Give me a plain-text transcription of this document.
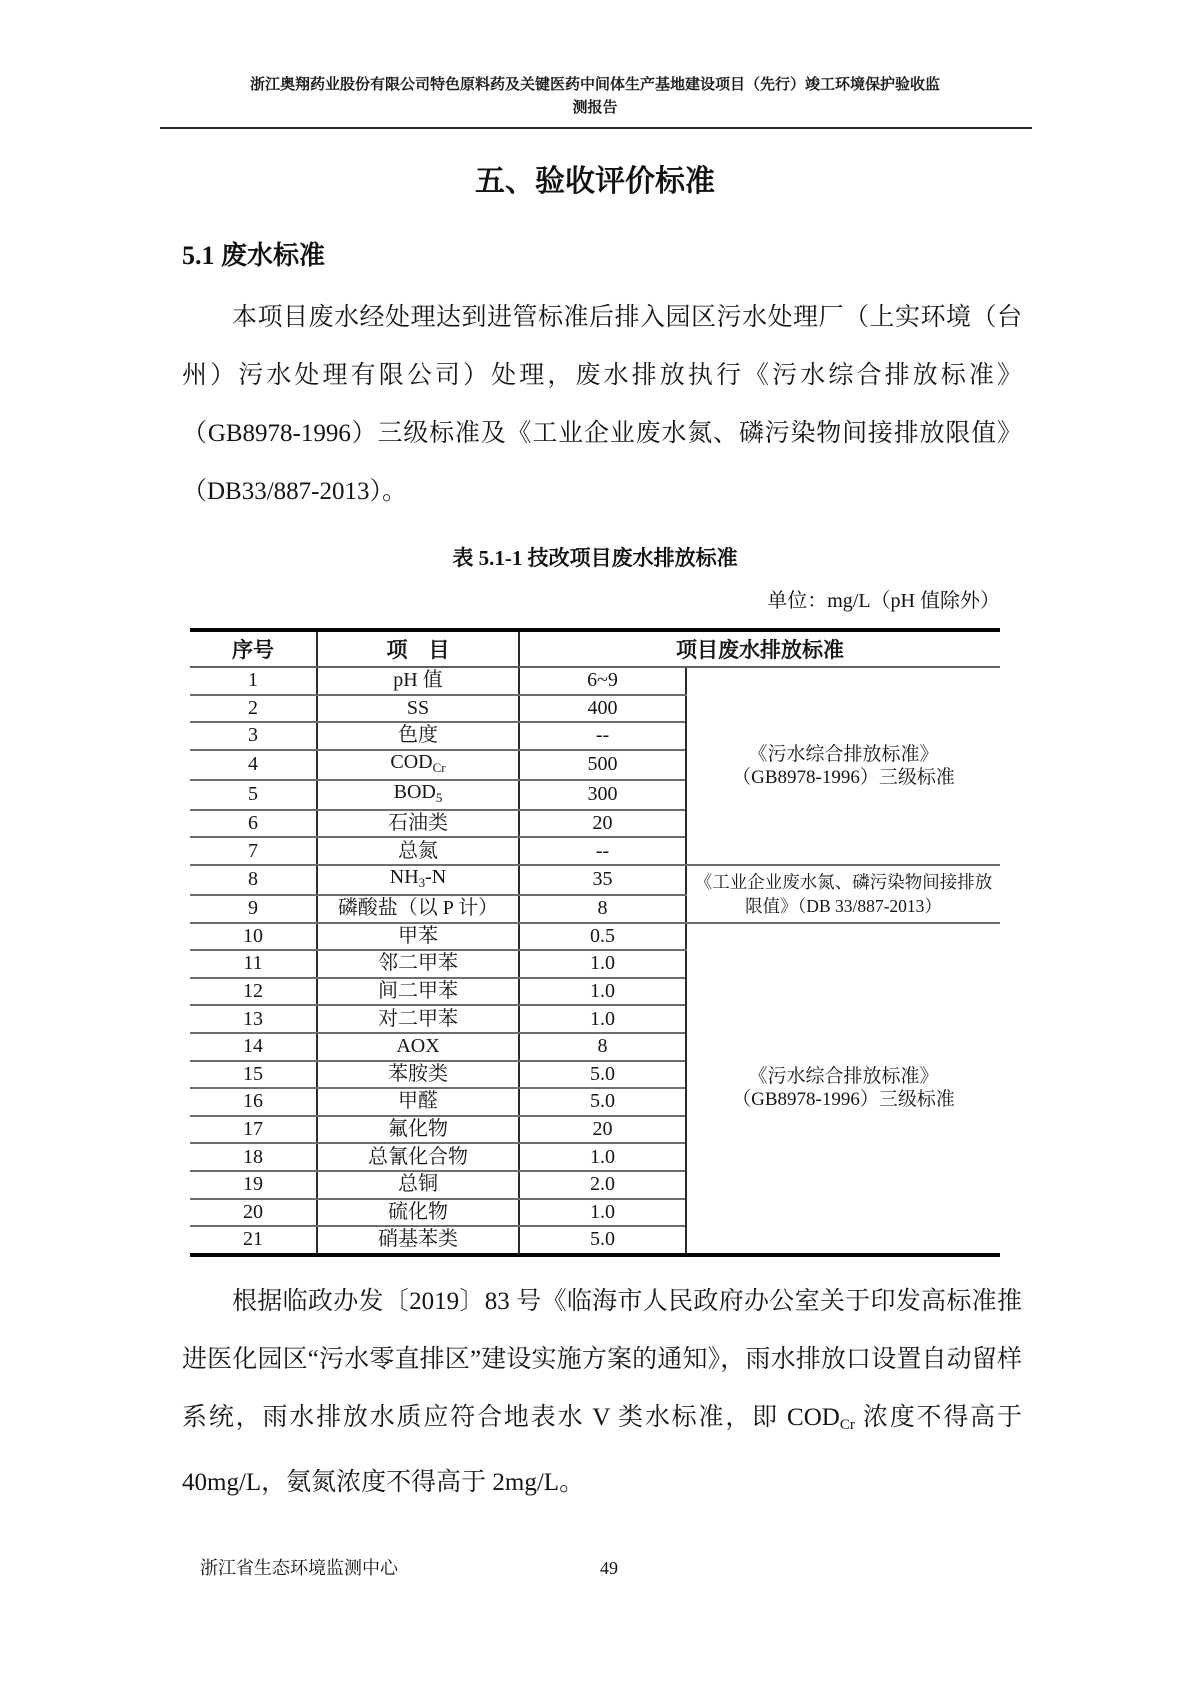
浙江奥翔药业股份有限公司特色原料药及关键医药中间体生产基地建设项目（先行）竣工环境保护验收监测报告
五、验收评价标准
5.1 废水标准

本项目废水经处理达到进管标准后排入园区污水处理厂（上实环境（台州）污水处理有限公司）处理，废水排放执行《污水综合排放标准》（GB8978-1996）三级标准及《工业企业废水氮、磷污染物间接排放限值》（DB33/887-2013）。

表 5.1-1 技改项目废水排放标准
单位：mg/L（pH 值除外）
序号	项　目	项目废水排放标准	
1	pH 值	6~9	《污水综合排放标准》
（GB8978-1996）三级标准

2	SS	400	
3	色度	--	
4	$COD_{Cr}$	500	
5	$BOD_5$	300	
6	石油类	20	
7	总氮	--	
8	$NH_3-N$	35	《工业企业废水氮、磷污染物间接排放
限值》（DB 33/887-2013）

9	磷酸盐（以 P 计）	8	
10	甲苯	0.5	《污水综合排放标准》
（GB8978-1996）三级标准

11	邻二甲苯	1.0	
12	间二甲苯	1.0	
13	对二甲苯	1.0	
14	AOX	8	
15	苯胺类	5.0	
16	甲醛	5.0	
17	氟化物	20	
18	总氰化合物	1.0	
19	总铜	2.0	
20	硫化物	1.0	
21	硝基苯类	5.0	

根据临政办发〔2019〕83 号《临海市人民政府办公室关于印发高标准推进医化园区“污水零直排区”建设实施方案的通知》，雨水排放口设置自动留样系统，雨水排放水质应符合地表水 V 类水标准，即 $COD_{Cr}$ 浓度不得高于 40mg/L，氨氮浓度不得高于 2mg/L。

浙江省生态环境监测中心	49
